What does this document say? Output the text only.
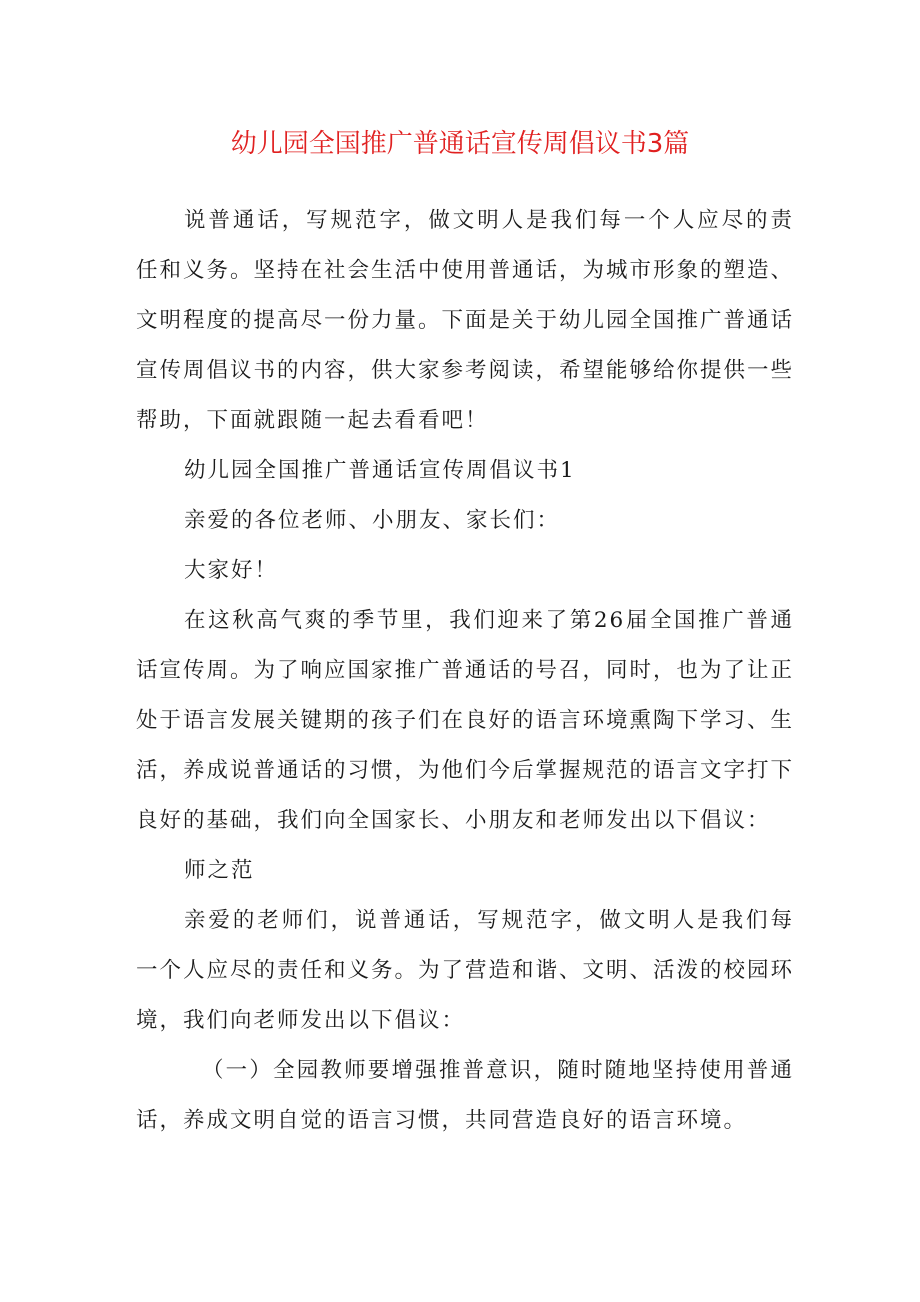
幼儿园全国推广普通话宣传周倡议书3篇

说普通话，写规范字，做文明人是我们每一个人应尽的责任和义务。坚持在社会生活中使用普通话，为城市形象的塑造、文明程度的提高尽一份力量。下面是关于幼儿园全国推广普通话宣传周倡议书的内容，供大家参考阅读，希望能够给你提供一些帮助，下面就跟随一起去看看吧！

幼儿园全国推广普通话宣传周倡议书1

亲爱的各位老师、小朋友、家长们：

大家好！

在这秋高气爽的季节里，我们迎来了第26届全国推广普通话宣传周。为了响应国家推广普通话的号召，同时，也为了让正处于语言发展关键期的孩子们在良好的语言环境熏陶下学习、生活，养成说普通话的习惯，为他们今后掌握规范的语言文字打下良好的基础，我们向全国家长、小朋友和老师发出以下倡议：

师之范

亲爱的老师们，说普通话，写规范字，做文明人是我们每一个人应尽的责任和义务。为了营造和谐、文明、活泼的校园环境，我们向老师发出以下倡议：

（一）全园教师要增强推普意识，随时随地坚持使用普通话，养成文明自觉的语言习惯，共同营造良好的语言环境。
